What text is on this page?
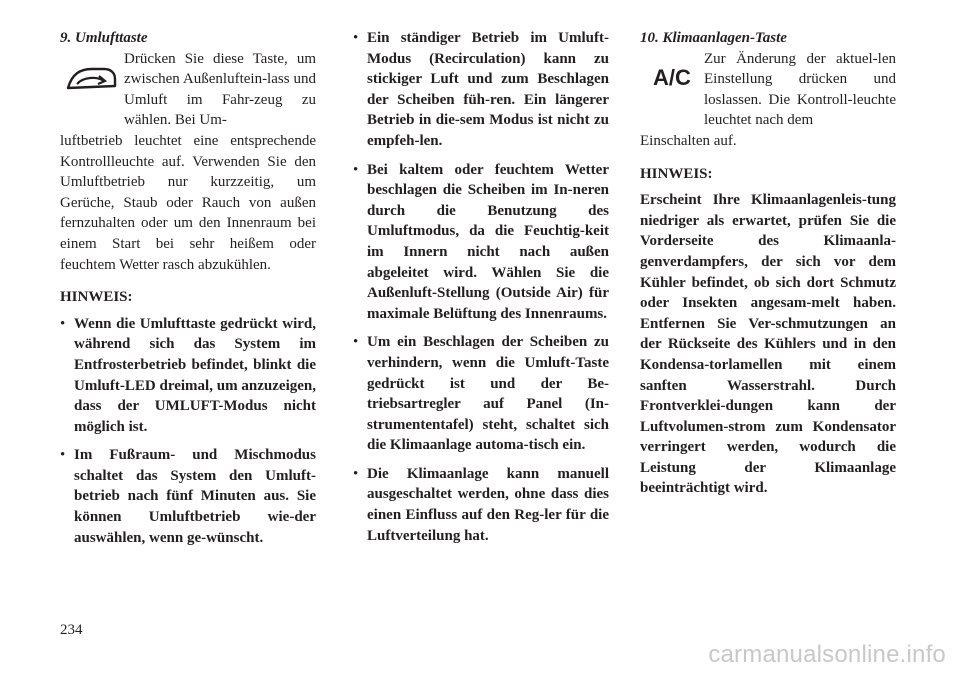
9. Umlufttaste

Drücken Sie diese Taste, um zwischen Außenluftein-lass und Umluft im Fahr-zeug zu wählen. Bei Um-

luftbetrieb leuchtet eine entsprechende Kontrollleuchte auf. Verwenden Sie den Umluftbetrieb nur kurzzeitig, um Gerüche, Staub oder Rauch von außen fernzuhalten oder um den Innenraum bei einem Start bei sehr heißem oder feuchtem Wetter rasch abzukühlen.

HINWEIS:

• Wenn die Umlufttaste gedrückt wird, während sich das System im Entfrosterbetrieb befindet, blinkt die Umluft-LED dreimal, um anzuzeigen, dass der UMLUFT-Modus nicht möglich ist.
• Im Fußraum- und Mischmodus schaltet das System den Umluft-betrieb nach fünf Minuten aus. Sie können Umluftbetrieb wie-der auswählen, wenn ge-wünscht.
• Ein ständiger Betrieb im Umluft-Modus (Recirculation) kann zu stickiger Luft und zum Beschlagen der Scheiben füh-ren. Ein längerer Betrieb in die-sem Modus ist nicht zu empfeh-len.
• Bei kaltem oder feuchtem Wetter beschlagen die Scheiben im In-neren durch die Benutzung des Umluftmodus, da die Feuchtig-keit im Innern nicht nach außen abgeleitet wird. Wählen Sie die Außenluft-Stellung (Outside Air) für maximale Belüftung des Innenraums.
• Um ein Beschlagen der Scheiben zu verhindern, wenn die Umluft-Taste gedrückt ist und der Be-triebsartregler auf Panel (In-strumententafel) steht, schaltet sich die Klimaanlage automa-tisch ein.
• Die Klimaanlage kann manuell ausgeschaltet werden, ohne dass dies einen Einfluss auf den Reg-ler für die Luftverteilung hat.

10. Klimaanlagen-Taste

A/C
Zur Änderung der aktuel-len Einstellung drücken und loslassen. Die Kontroll-leuchte leuchtet nach dem

Einschalten auf.

HINWEIS:

Erscheint Ihre Klimaanlagenleis-tung niedriger als erwartet, prüfen Sie die Vorderseite des Klimaanla-genverdampfers, der sich vor dem Kühler befindet, ob sich dort Schmutz oder Insekten angesam-melt haben. Entfernen Sie Ver-schmutzungen an der Rückseite des Kühlers und in den Kondensa-torlamellen mit einem sanften Wasserstrahl. Durch Frontverklei-dungen kann der Luftvolumen-strom zum Kondensator verringert werden, wodurch die Leistung der Klimaanlage beeinträchtigt wird.

234
carmanualsonline.info
